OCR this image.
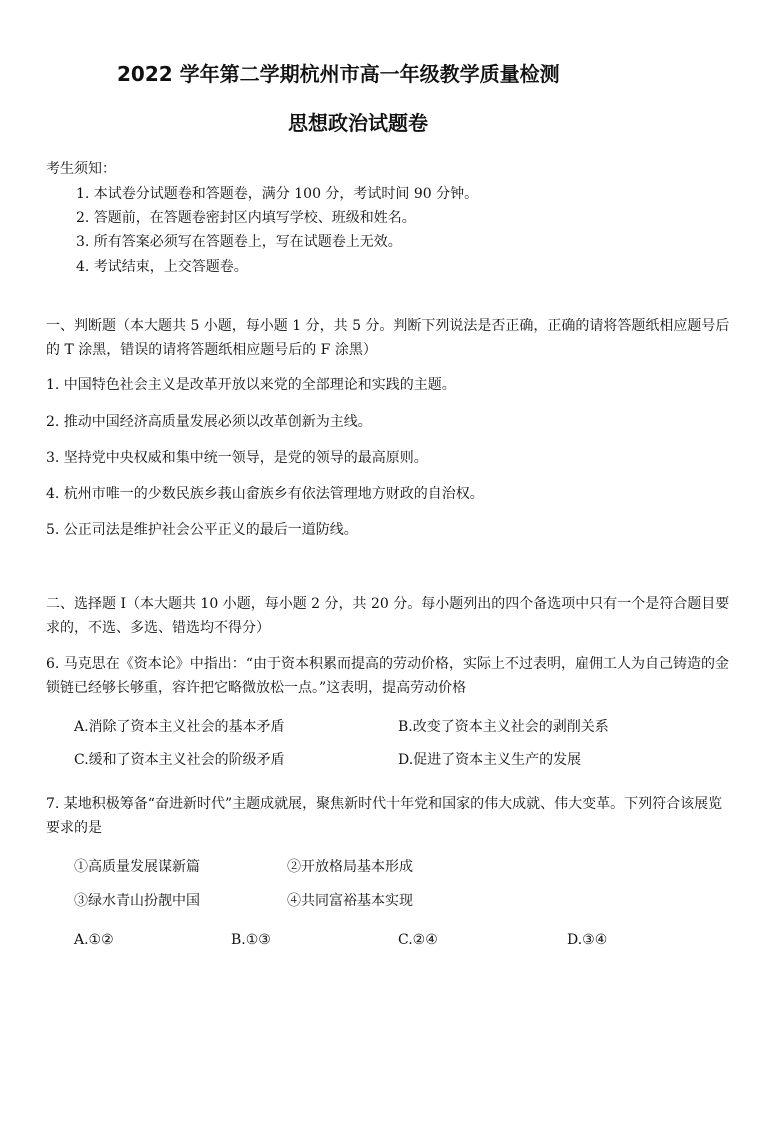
2022 学年第二学期杭州市高一年级教学质量检测
思想政治试题卷
考生须知：
1. 本试卷分试题卷和答题卷，满分 100 分，考试时间 90 分钟。
2. 答题前，在答题卷密封区内填写学校、班级和姓名。
3. 所有答案必须写在答题卷上，写在试题卷上无效。
4. 考试结束，上交答题卷。
一、判断题（本大题共 5 小题，每小题 1 分，共 5 分。判断下列说法是否正确，正确的请将答题纸相应题号后的 T 涂黑，错误的请将答题纸相应题号后的 F 涂黑）
1. 中国特色社会主义是改革开放以来党的全部理论和实践的主题。
2. 推动中国经济高质量发展必须以改革创新为主线。
3. 坚持党中央权威和集中统一领导，是党的领导的最高原则。
4. 杭州市唯一的少数民族乡莪山畲族乡有依法管理地方财政的自治权。
5. 公正司法是维护社会公平正义的最后一道防线。
二、选择题 I（本大题共 10 小题，每小题 2 分，共 20 分。每小题列出的四个备选项中只有一个是符合题目要求的，不选、多选、错选均不得分）
6. 马克思在《资本论》中指出：“由于资本积累而提高的劳动价格，实际上不过表明，雇佣工人为自己铸造的金锁链已经够长够重，容许把它略微放松一点。”这表明，提高劳动价格
A.消除了资本主义社会的基本矛盾	B.改变了资本主义社会的剥削关系
C.缓和了资本主义社会的阶级矛盾	D.促进了资本主义生产的发展
7. 某地积极筹备“奋进新时代”主题成就展，聚焦新时代十年党和国家的伟大成就、伟大变革。下列符合该展览要求的是
①高质量发展谋新篇	②开放格局基本形成
③绿水青山扮靓中国	④共同富裕基本实现
A.①②	B.①③	C.②④	D.③④
